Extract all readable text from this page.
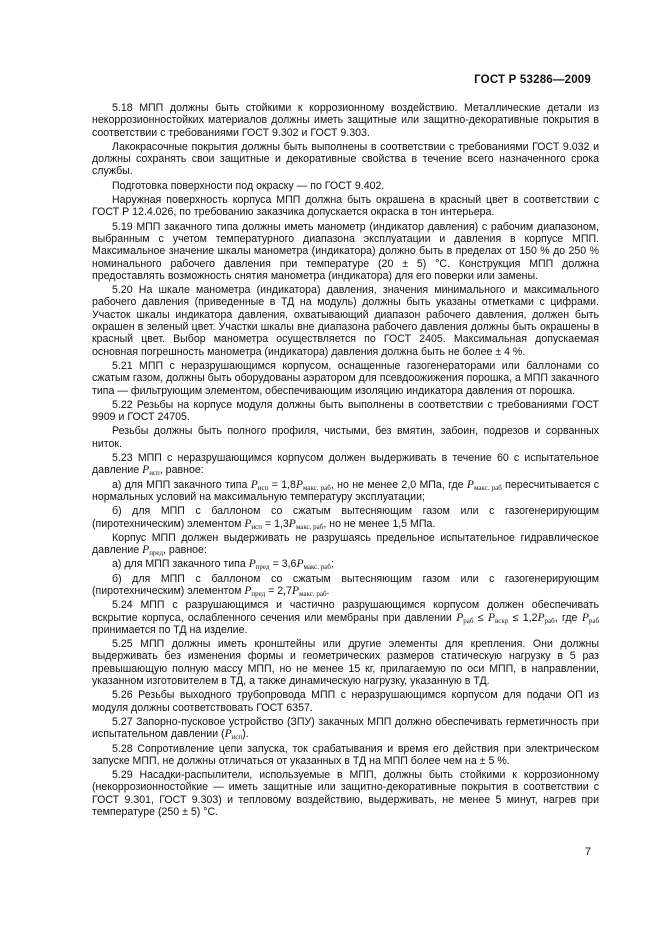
ГОСТ Р 53286—2009

5.18 МПП должны быть стойкими к коррозионному воздействию. Металлические детали из некоррозионностойких материалов должны иметь защитные или защитно-декоративные покрытия в соответствии с требованиями ГОСТ 9.302 и ГОСТ 9.303.

Лакокрасочные покрытия должны быть выполнены в соответствии с требованиями ГОСТ 9.032 и должны сохранять свои защитные и декоративные свойства в течение всего назначенного срока службы.

Подготовка поверхности под окраску — по ГОСТ 9.402.

Наружная поверхность корпуса МПП должна быть окрашена в красный цвет в соответствии с ГОСТ Р 12.4.026, по требованию заказчика допускается окраска в тон интерьера.

5.19 МПП закачного типа должны иметь манометр (индикатор давления) с рабочим диапазоном, выбранным с учетом температурного диапазона эксплуатации и давления в корпусе МПП. Максимальное значение шкалы манометра (индикатора) должно быть в пределах от 150 % до 250 % номинального рабочего давления при температуре (20 ± 5) °С. Конструкция МПП должна предоставлять возможность снятия манометра (индикатора) для его поверки или замены.

5.20 На шкале манометра (индикатора) давления, значения минимального и максимального рабочего давления (приведенные в ТД на модуль) должны быть указаны отметками с цифрами. Участок шкалы индикатора давления, охватывающий диапазон рабочего давления, должен быть окрашен в зеленый цвет. Участки шкалы вне диапазона рабочего давления должны быть окрашены в красный цвет. Выбор манометра осуществляется по ГОСТ 2405. Максимальная допускаемая основная погрешность манометра (индикатора) давления должна быть не более ± 4 %.

5.21 МПП с неразрушающимся корпусом, оснащенные газогенераторами или баллонами со сжатым газом, должны быть оборудованы аэратором для псевдоожижения порошка, а МПП закачного типа — фильтрующим элементом, обеспечивающим изоляцию индикатора давления от порошка.

5.22 Резьбы на корпусе модуля должны быть выполнены в соответствии с требованиями ГОСТ 9909 и ГОСТ 24705.

Резьбы должны быть полного профиля, чистыми, без вмятин, забоин, подрезов и сорванных ниток.

5.23 МПП с неразрушающимся корпусом должен выдерживать в течение 60 с испытательное давление $P_{исп}$, равное:

а) для МПП закачного типа $P_{исп} = 1,8P_{макс. раб}$, но не менее 2,0 МПа, где $P_{макс. раб}$ пересчитывается с нормальных условий на максимальную температуру эксплуатации;

б) для МПП с баллоном со сжатым вытесняющим газом или с газогенерирующим (пиротехническим) элементом $P_{исп} = 1,3P_{макс. раб}$, но не менее 1,5 МПа.

Корпус МПП должен выдерживать не разрушаясь предельное испытательное гидравлическое давление $P_{пред}$, равное:

а) для МПП закачного типа $P_{пред} = 3,6P_{макс. раб}$;

б) для МПП с баллоном со сжатым вытесняющим газом или с газогенерирующим (пиротехническим) элементом $P_{пред} = 2,7P_{макс. раб}$.

5.24 МПП с разрушающимся и частично разрушающимся корпусом должен обеспечивать вскрытие корпуса, ослабленного сечения или мембраны при давлении $P_{раб} \le P_{вскр} \le 1,2P_{раб}$, где $P_{раб}$ принимается по ТД на изделие.

5.25 МПП должны иметь кронштейны или другие элементы для крепления. Они должны выдерживать без изменения формы и геометрических размеров статическую нагрузку в 5 раз превышающую полную массу МПП, но не менее 15 кг, прилагаемую по оси МПП, в направлении, указанном изготовителем в ТД, а также динамическую нагрузку, указанную в ТД.

5.26 Резьбы выходного трубопровода МПП с неразрушающимся корпусом для подачи ОП из модуля должны соответствовать ГОСТ 6357.

5.27 Запорно-пусковое устройство (ЗПУ) закачных МПП должно обеспечивать герметичность при испытательном давлении $(P_{исп})$.

5.28 Сопротивление цепи запуска, ток срабатывания и время его действия при электрическом запуске МПП, не должны отличаться от указанных в ТД на МПП более чем на ± 5 %.

5.29 Насадки-распылители, используемые в МПП, должны быть стойкими к коррозионному (некоррозионностойкие — иметь защитные или защитно-декоративные покрытия в соответствии с ГОСТ 9.301, ГОСТ 9.303) и тепловому воздействию, выдерживать, не менее 5 минут, нагрев при температуре (250 ± 5) °С.

7
